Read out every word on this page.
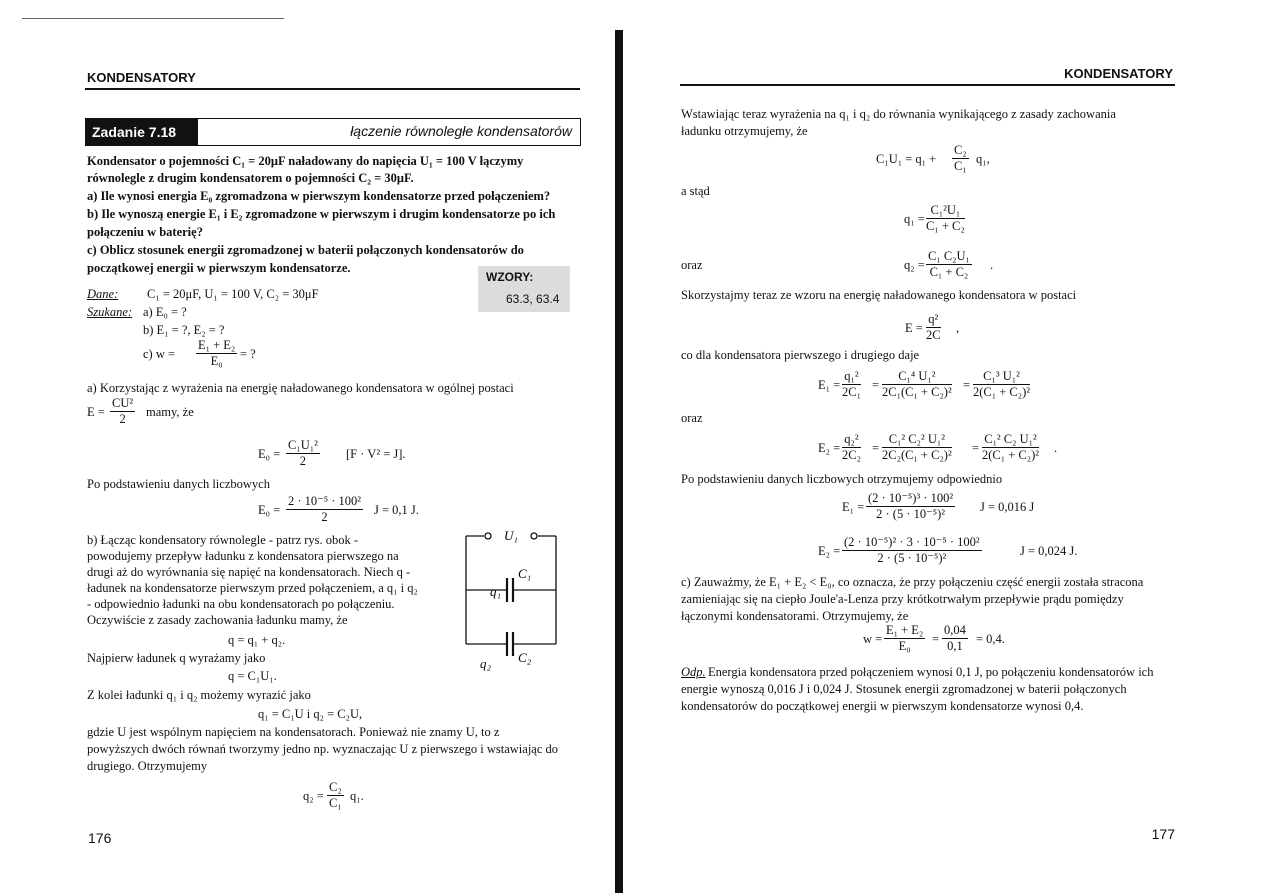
KONDENSATORY
Zadanie 7.18	łączenie równoległe kondensatorów
Kondensator o pojemności C₁ = 20μF naładowany do napięcia U₁ = 100 V łączymy
równolegle z drugim kondensatorem o pojemności C₂ = 30μF.
a) Ile wynosi energia E₀ zgromadzona w pierwszym kondensatorze przed połączeniem?
b) Ile wynoszą energie E₁ i E₂ zgromadzone w pierwszym i drugim kondensatorze po ich
połączeniu w baterię?
c) Oblicz stosunek energii zgromadzonej w baterii połączonych kondensatorów do
początkowej energii w pierwszym kondensatorze.
WZORY:
63.3, 63.4
Dane: C₁ = 20μF, U₁ = 100 V, C₂ = 30μF
Szukane: a) E₀ = ?
b) E₁ = ?, E₂ = ?
c) $w = \frac{\text{E₁ + E₂}}{\text{E₀}}$ = ?
a) Korzystając z wyrażenia na energię naładowanego kondensatora w ogólnej postaci
$E = \frac{\text{CU²}}{2}$ mamy, że
$E_0 = \frac{\text{C₁U₁²}}{2} [F \cdot V^2 = J]$.
Po podstawieniu danych liczbowych
$E_0 = \frac{\text{2 · 10⁻⁵ · 100²}}{2}$ J = 0,1 J.
b) Łącząc kondensatory równolegle - patrz rys. obok -
powodujemy przepływ ładunku z kondensatora pierwszego na
drugi aż do wyrównania się napięć na kondensatorach. Niech q -
ładunek na kondensatorze pierwszym przed połączeniem, a q₁ i q₂
- odpowiednio ładunki na obu kondensatorach po połączeniu.
Oczywiście z zasady zachowania ładunku mamy, że
U₁
C₁
q₁
C₂
q₂
q = q₁ + q₂.
Najpierw ładunek q wyrażamy jako
q = C₁U₁.
Z kolei ładunki q₁ i q₂ możemy wyrazić jako
q₁ = C₁U i q₂ = C₂U,
gdzie U jest wspólnym napięciem na kondensatorach. Ponieważ nie znamy U, to z
powyższych dwóch równań tworzymy jedno np. wyznaczając U z pierwszego i wstawiając do
drugiego. Otrzymujemy
$q_2 = \frac{\text{C₂}}{\text{C₁}} q_1$.
176
KONDENSATORY
Wstawiając teraz wyrażenia na q₁ i q₂ do równania wynikającego z zasady zachowania
ładunku otrzymujemy, że
$C_1U_1 = q_1 + \frac{\text{C₂}}{\text{C₁}} q_1$,
a stąd
$q_1 = \frac{\text{C₁²U₁}}{\text{C₁ + C₂}}$
oraz	$q_2 = \frac{\text{C₁ C₂U₁}}{\text{C₁ + C₂}}$ .
Skorzystajmy teraz ze wzoru na energię naładowanego kondensatora w postaci
$E = \frac{\text{q²}}{2C}$ ,
co dla kondensatora pierwszego i drugiego daje
$E_1 = \frac{\text{q₁²}}{\text{2C₁}} = \frac{\text{C₁⁴ U₁²}}{\text{2C₁(C₁ + C₂)²}} = \frac{\text{C₁³ U₁²}}{\text{2(C₁ + C₂)²}}$
oraz
$E_2 = \frac{\text{q₂²}}{\text{2C₂}} = \frac{\text{C₁² C₂² U₁²}}{\text{2C₂(C₁ + C₂)²}} = \frac{\text{C₁² C₂ U₁²}}{\text{2(C₁ + C₂)²}}$ .
Po podstawieniu danych liczbowych otrzymujemy odpowiednio
$E_1 = \frac{\text{(2 · 10⁻⁵)³ · 100²}}{\text{2 · (5 · 10⁻⁵)²}}$ J = 0,016 J
$E_2 = \frac{\text{(2 · 10⁻⁵)² · 3 · 10⁻⁵ · 100²}}{\text{2 · (5 · 10⁻⁵)²}}$	J = 0,024 J.
c) Zauważmy, że E₁ + E₂ < E₀, co oznacza, że przy połączeniu część energii została stracona
zamieniając się na ciepło Joule'a-Lenza przy krótkotrwałym przepływie prądu pomiędzy
łączonymi kondensatorami. Otrzymujemy, że
$w = \frac{\text{E₁ + E₂}}{\text{E₀}} = \frac{0,04}{0,1} = 0,4$.
Odp. Energia kondensatora przed połączeniem wynosi 0,1 J, po połączeniu kondensatorów ich
energie wynoszą 0,016 J i 0,024 J. Stosunek energii zgromadzonej w baterii połączonych
kondensatorów do początkowej energii w pierwszym kondensatorze wynosi 0,4.
177
